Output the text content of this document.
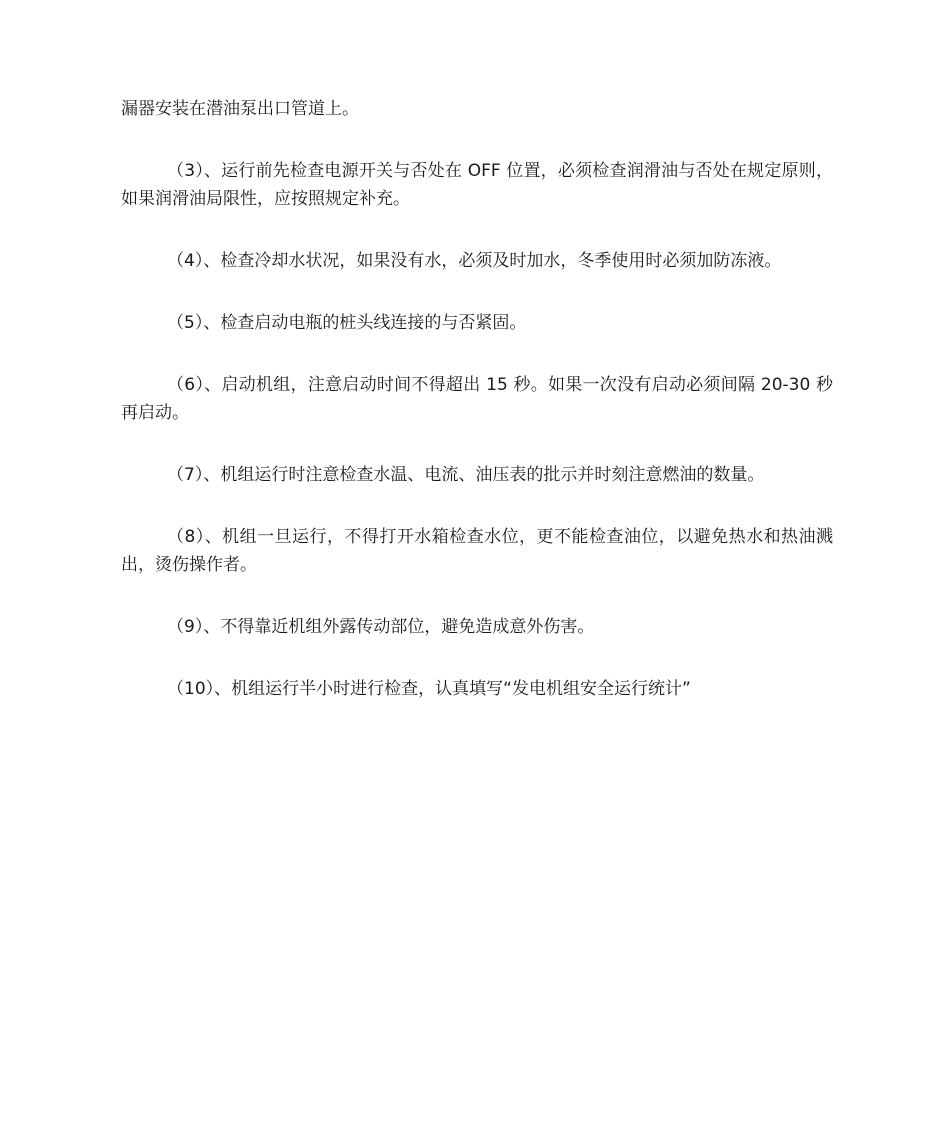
漏器安装在潜油泵出口管道上。

（3）、运行前先检查电源开关与否处在 OFF 位置，必须检查润滑油与否处在规定原则，如果润滑油局限性，应按照规定补充。

（4）、检查冷却水状况，如果没有水，必须及时加水，冬季使用时必须加防冻液。

（5）、检查启动电瓶的桩头线连接的与否紧固。

（6）、启动机组，注意启动时间不得超出 15 秒。如果一次没有启动必须间隔 20-30 秒再启动。

（7）、机组运行时注意检查水温、电流、油压表的批示并时刻注意燃油的数量。

（8）、机组一旦运行，不得打开水箱检查水位，更不能检查油位，以避免热水和热油溅出，烫伤操作者。

（9）、不得靠近机组外露传动部位，避免造成意外伤害。

（10）、机组运行半小时进行检查，认真填写“发电机组安全运行统计”
